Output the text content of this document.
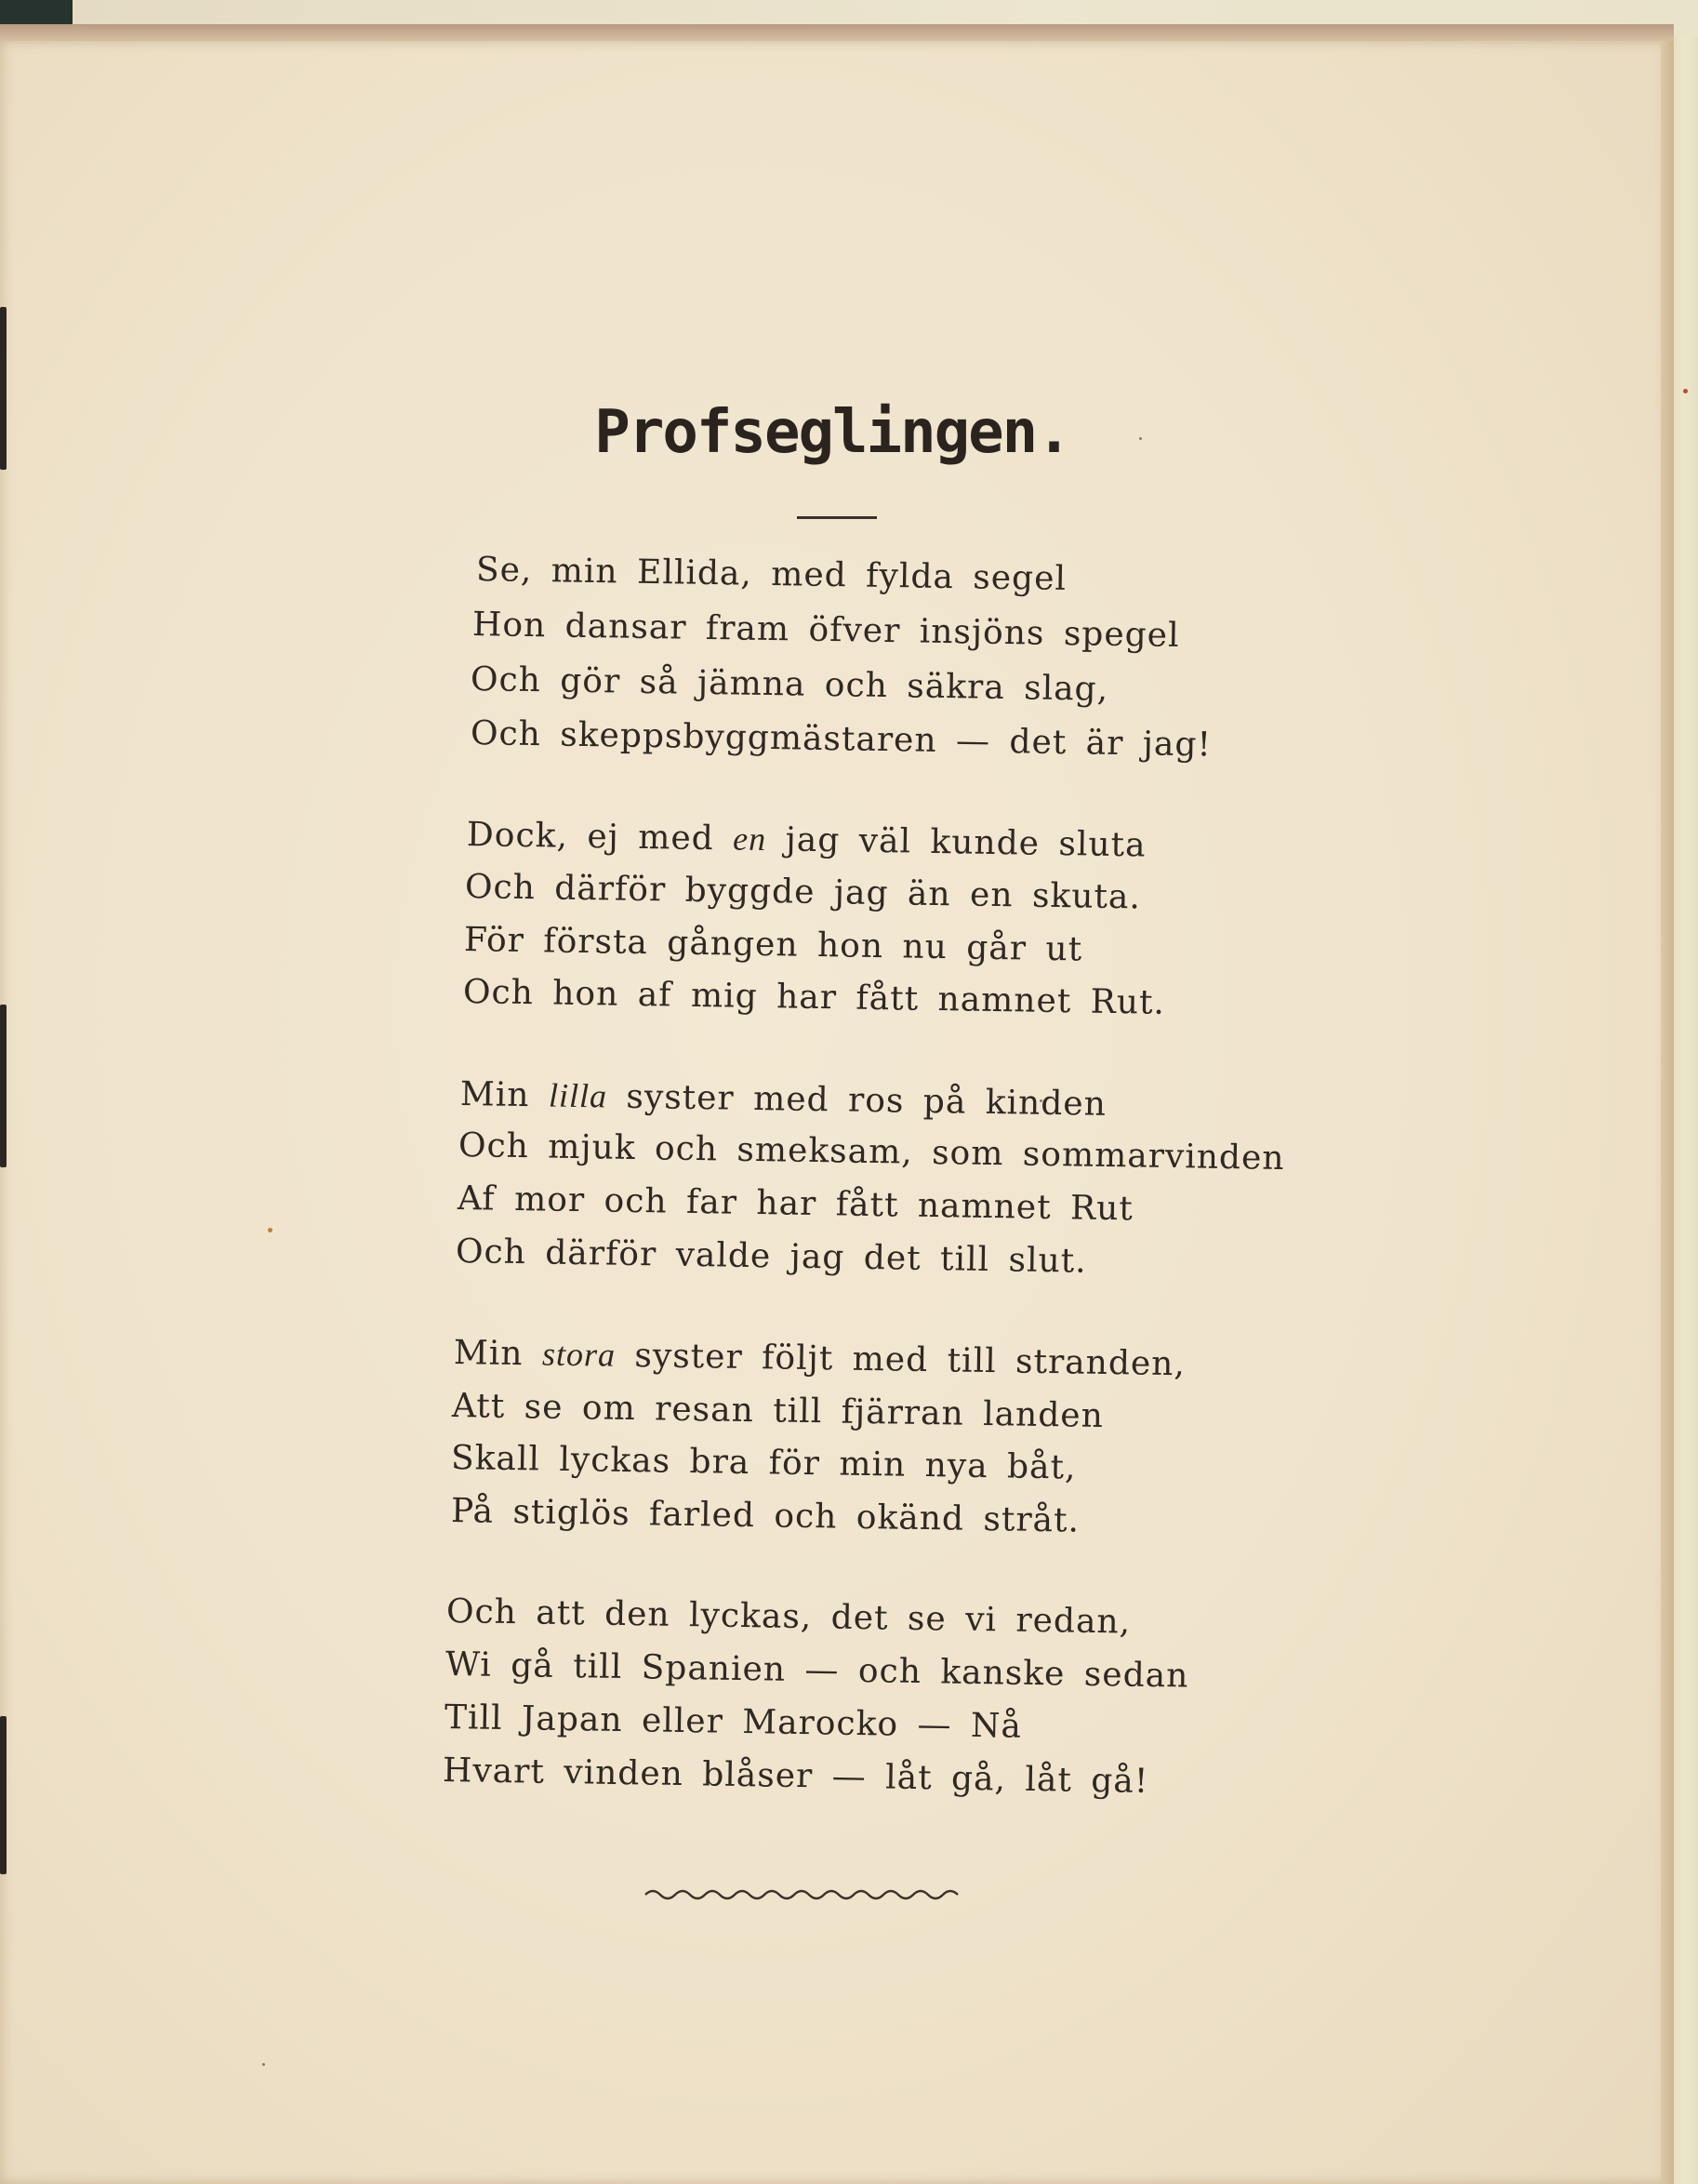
Profseglingen.
Se, min Ellida, med fylda segel
Hon dansar fram öfver insjöns spegel
Och gör så jämna och säkra slag,
Och skeppsbyggmästaren — det är jag!
Dock, ej med en jag väl kunde sluta
Och därför byggde jag än en skuta.
För första gången hon nu går ut
Och hon af mig har fått namnet Rut.
Min lilla syster med ros på kinden
Och mjuk och smeksam, som sommarvinden
Af mor och far har fått namnet Rut
Och därför valde jag det till slut.
Min stora syster följt med till stranden,
Att se om resan till fjärran landen
Skall lyckas bra för min nya båt,
På stiglös farled och okänd stråt.
Och att den lyckas, det se vi redan,
Wi gå till Spanien — och kanske sedan
Till Japan eller Marocko — Nå
Hvart vinden blåser — låt gå, låt gå!
